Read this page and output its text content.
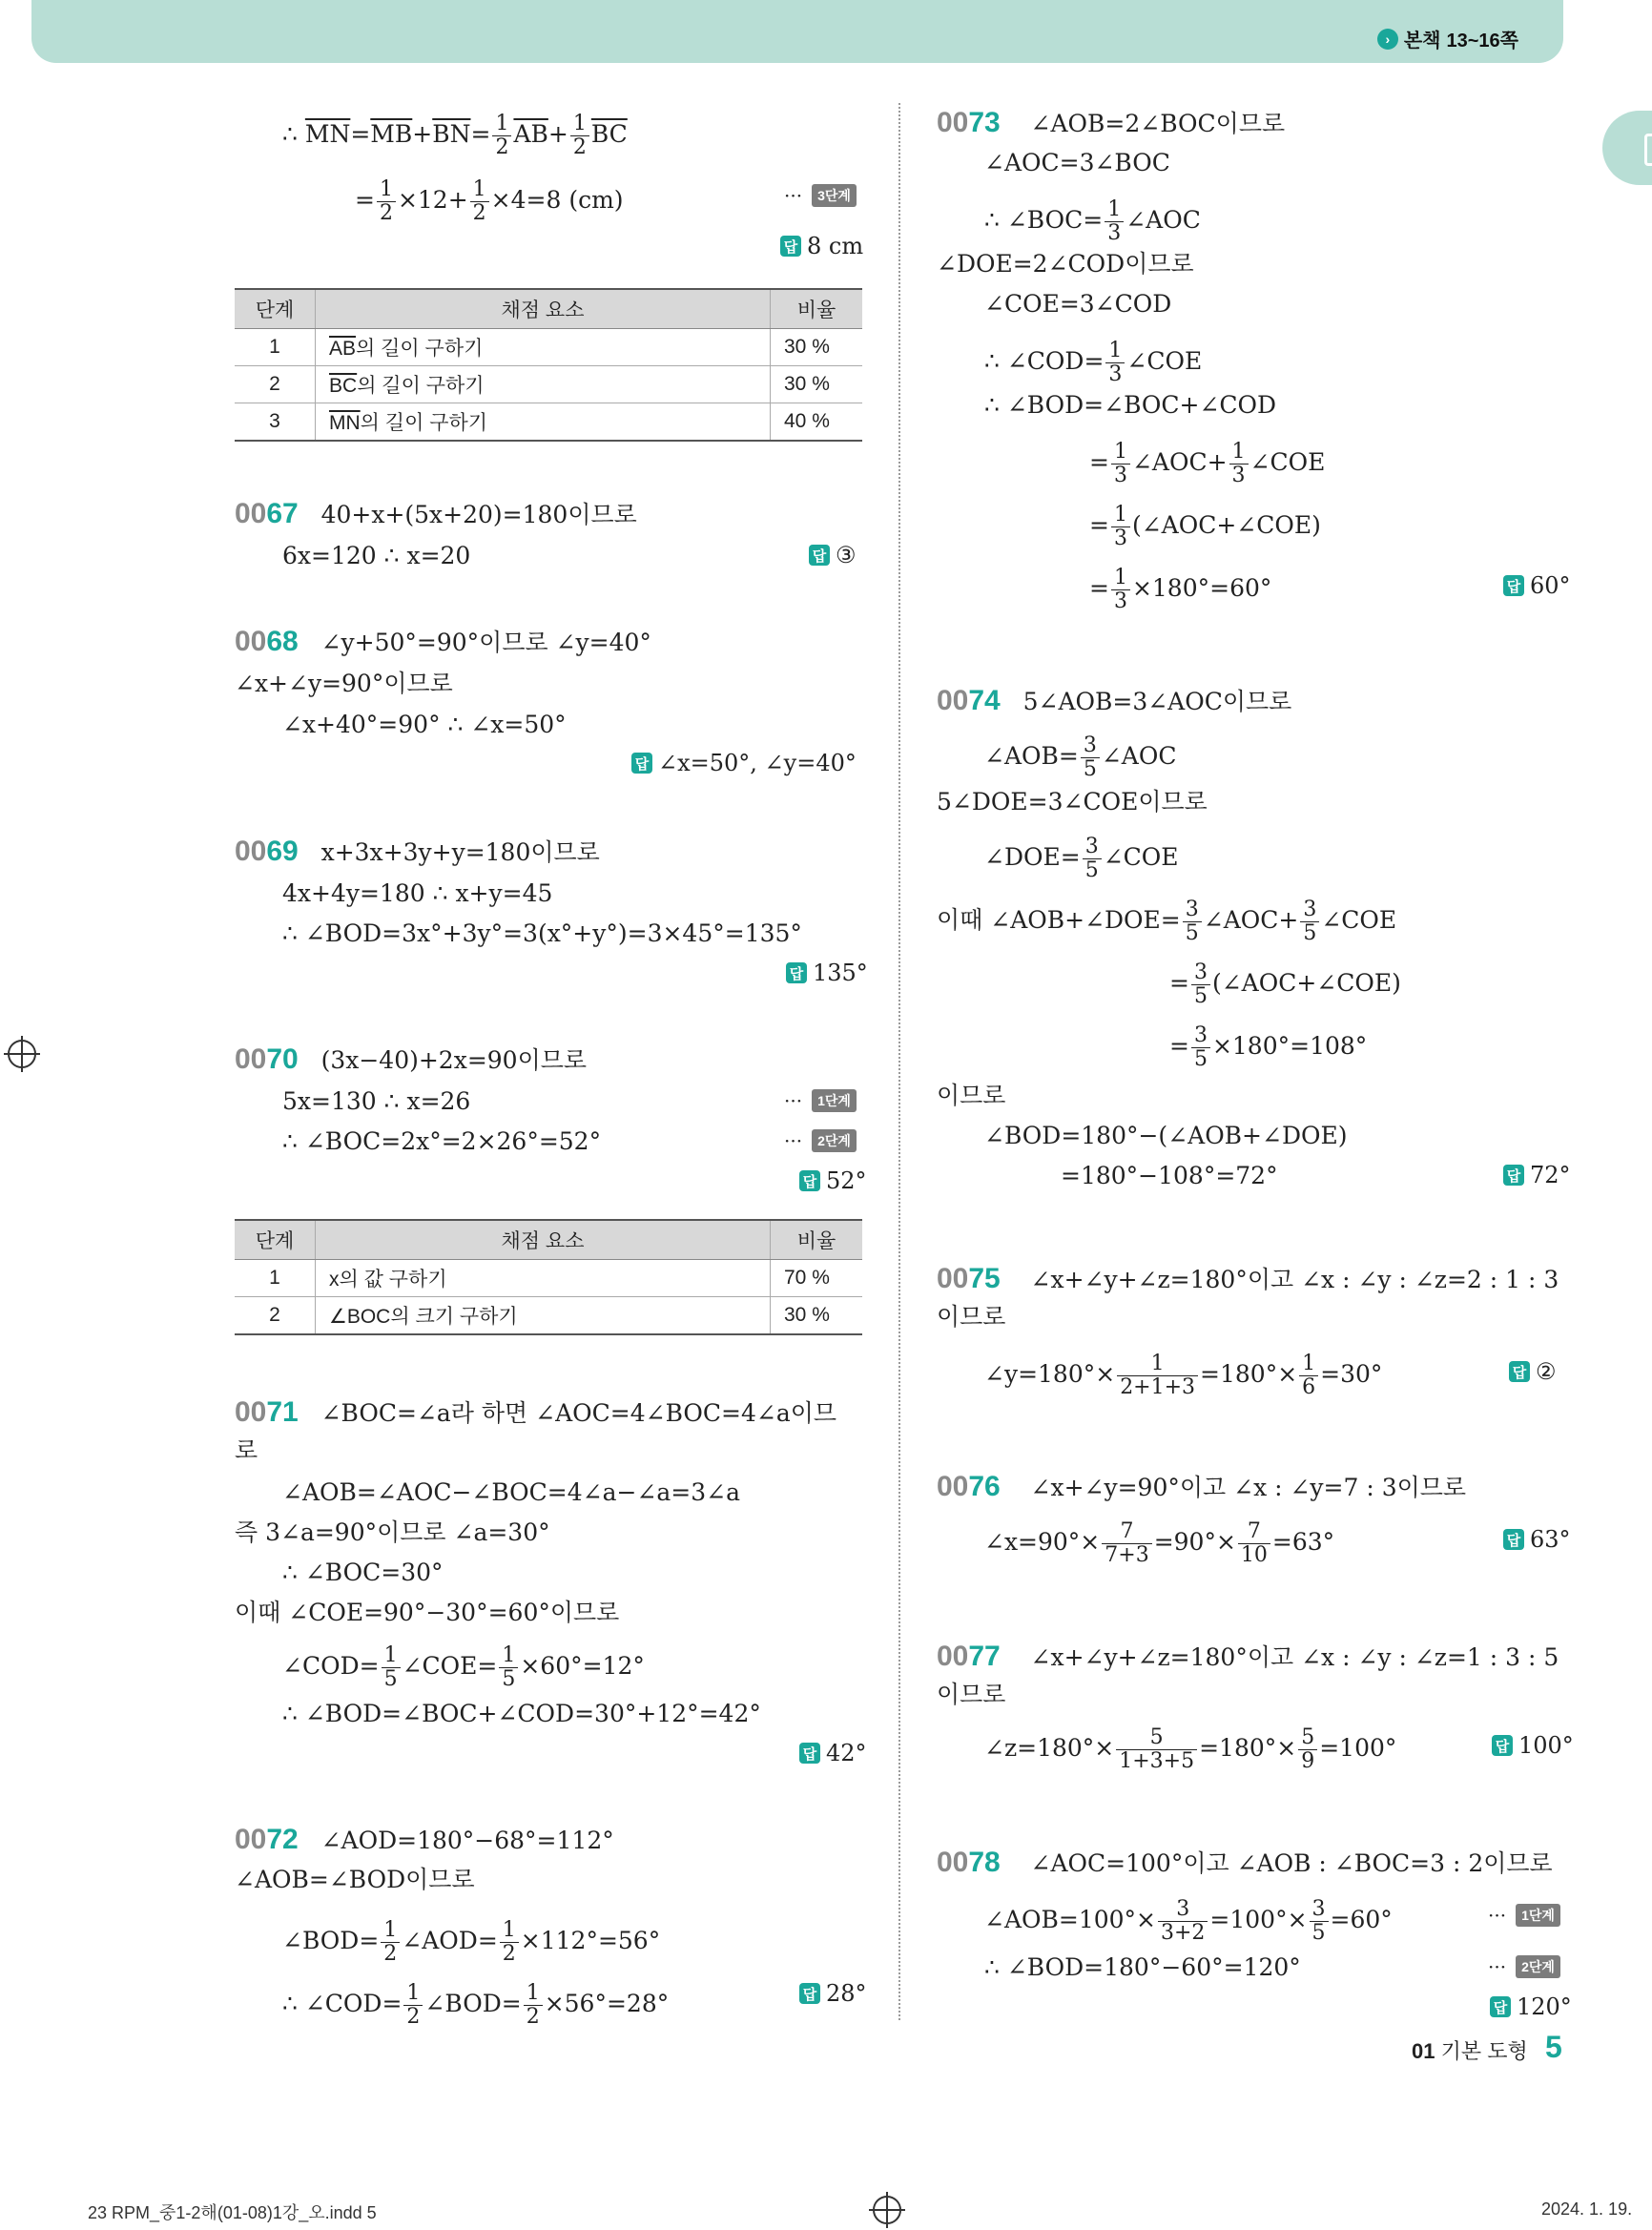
› 본책 13~16쪽
∴ $\overline{MN}=\overline{MB}+\overline{BN}= \frac{1}{2} \overline{AB}+ \frac{1}{2} \overline{BC}$
= $\frac{1}{2} \times 12+ \frac{1}{2} \times 4=8$ (cm)	···	3단계
답 8 cm
단계	채점 요소	비율
1	$\overline{AB}$의 길이 구하기	30 %
2	$\overline{BC}$의 길이 구하기	30 %
3	$\overline{MN}$의 길이 구하기	40 %
0067 40+x+(5x+20)=180이므로
6x=120 ∴ x=20	답 ③
0068 ∠y+50°=90°이므로 ∠y=40°
∠x+∠y=90°이므로
∠x+40°=90° ∴ ∠x=50°
답 ∠x=50°, ∠y=40°
0069 x+3x+3y+y=180이므로
4x+4y=180 ∴ x+y=45
∴ ∠BOD=3x°+3y°=3(x°+y°)=3×45°=135°
답 135°
0070 (3x−40)+2x=90이므로
5x=130 ∴ x=26	···	1단계
∴ ∠BOC=2x°=2×26°=52°	···	2단계
답 52°
단계	채점 요소	비율
1	x의 값 구하기	70 %
2	∠BOC의 크기 구하기	30 %
0071 ∠BOC=∠a라 하면 ∠AOC=4∠BOC=4∠a이므
로
∠AOB=∠AOC−∠BOC=4∠a−∠a=3∠a
즉 3∠a=90°이므로 ∠a=30°
∴ ∠BOC=30°
이때 ∠COE=90°−30°=60°이므로
∠COD= $\frac{1}{5}$ ∠COE= $\frac{1}{5} \times 60^\circ=12^\circ$
∴ ∠BOD=∠BOC+∠COD=30°+12°=42°
답 42°
0072 ∠AOD=180°−68°=112°
∠AOB=∠BOD이므로
∠BOD= $\frac{1}{2}$ ∠AOD= $\frac{1}{2} \times 112^\circ=56^\circ$
∴ ∠COD= $\frac{1}{2}$ ∠BOD= $\frac{1}{2} \times 56^\circ=28^\circ$	답 28°
0073 ∠AOB=2∠BOC이므로
∠AOC=3∠BOC
∴ ∠BOC= $\frac{1}{3}$ ∠AOC
∠DOE=2∠COD이므로
∠COE=3∠COD
∴ ∠COD= $\frac{1}{3}$ ∠COE
∴ ∠BOD=∠BOC+∠COD
= $\frac{1}{3}$ ∠AOC+ $\frac{1}{3}$ ∠COE
= $\frac{1}{3}$ (∠AOC+∠COE)
= $\frac{1}{3} \times 180^\circ=60^\circ$	답 60°
0074 5∠AOB=3∠AOC이므로
∠AOB= $\frac{3}{5}$ ∠AOC
5∠DOE=3∠COE이므로
∠DOE= $\frac{3}{5}$ ∠COE
이때 ∠AOB+∠DOE= $\frac{3}{5}$ ∠AOC+ $\frac{3}{5}$ ∠COE
= $\frac{3}{5}$ (∠AOC+∠COE)
= $\frac{3}{5} \times 180^\circ=108^\circ$
이므로
∠BOD=180°−(∠AOB+∠DOE)
=180°−108°=72°	답 72°
0075 ∠x+∠y+∠z=180°이고 ∠x : ∠y : ∠z=2 : 1 : 3
이므로
∠y=180°× $\frac{1}{2+1+3} =180^\circ\times \frac{1}{6} =30^\circ$	답 ②
0076 ∠x+∠y=90°이고 ∠x : ∠y=7 : 3이므로
∠x=90°× $\frac{7}{7+3} =90^\circ\times \frac{7}{10} =63^\circ$	답 63°
0077 ∠x+∠y+∠z=180°이고 ∠x : ∠y : ∠z=1 : 3 : 5
이므로
∠z=180°× $\frac{5}{1+3+5} =180^\circ\times \frac{5}{9} =100^\circ$	답 100°
0078 ∠AOC=100°이고 ∠AOB : ∠BOC=3 : 2이므로
∠AOB=100°× $\frac{3}{3+2} =100^\circ\times \frac{3}{5} =60^\circ$	···	1단계
∴ ∠BOD=180°−60°=120°	···	2단계
답 120°
01 기본 도형 5
23 RPM_중1-2해(01-08)1강_오.indd 5	2024. 1. 19.
